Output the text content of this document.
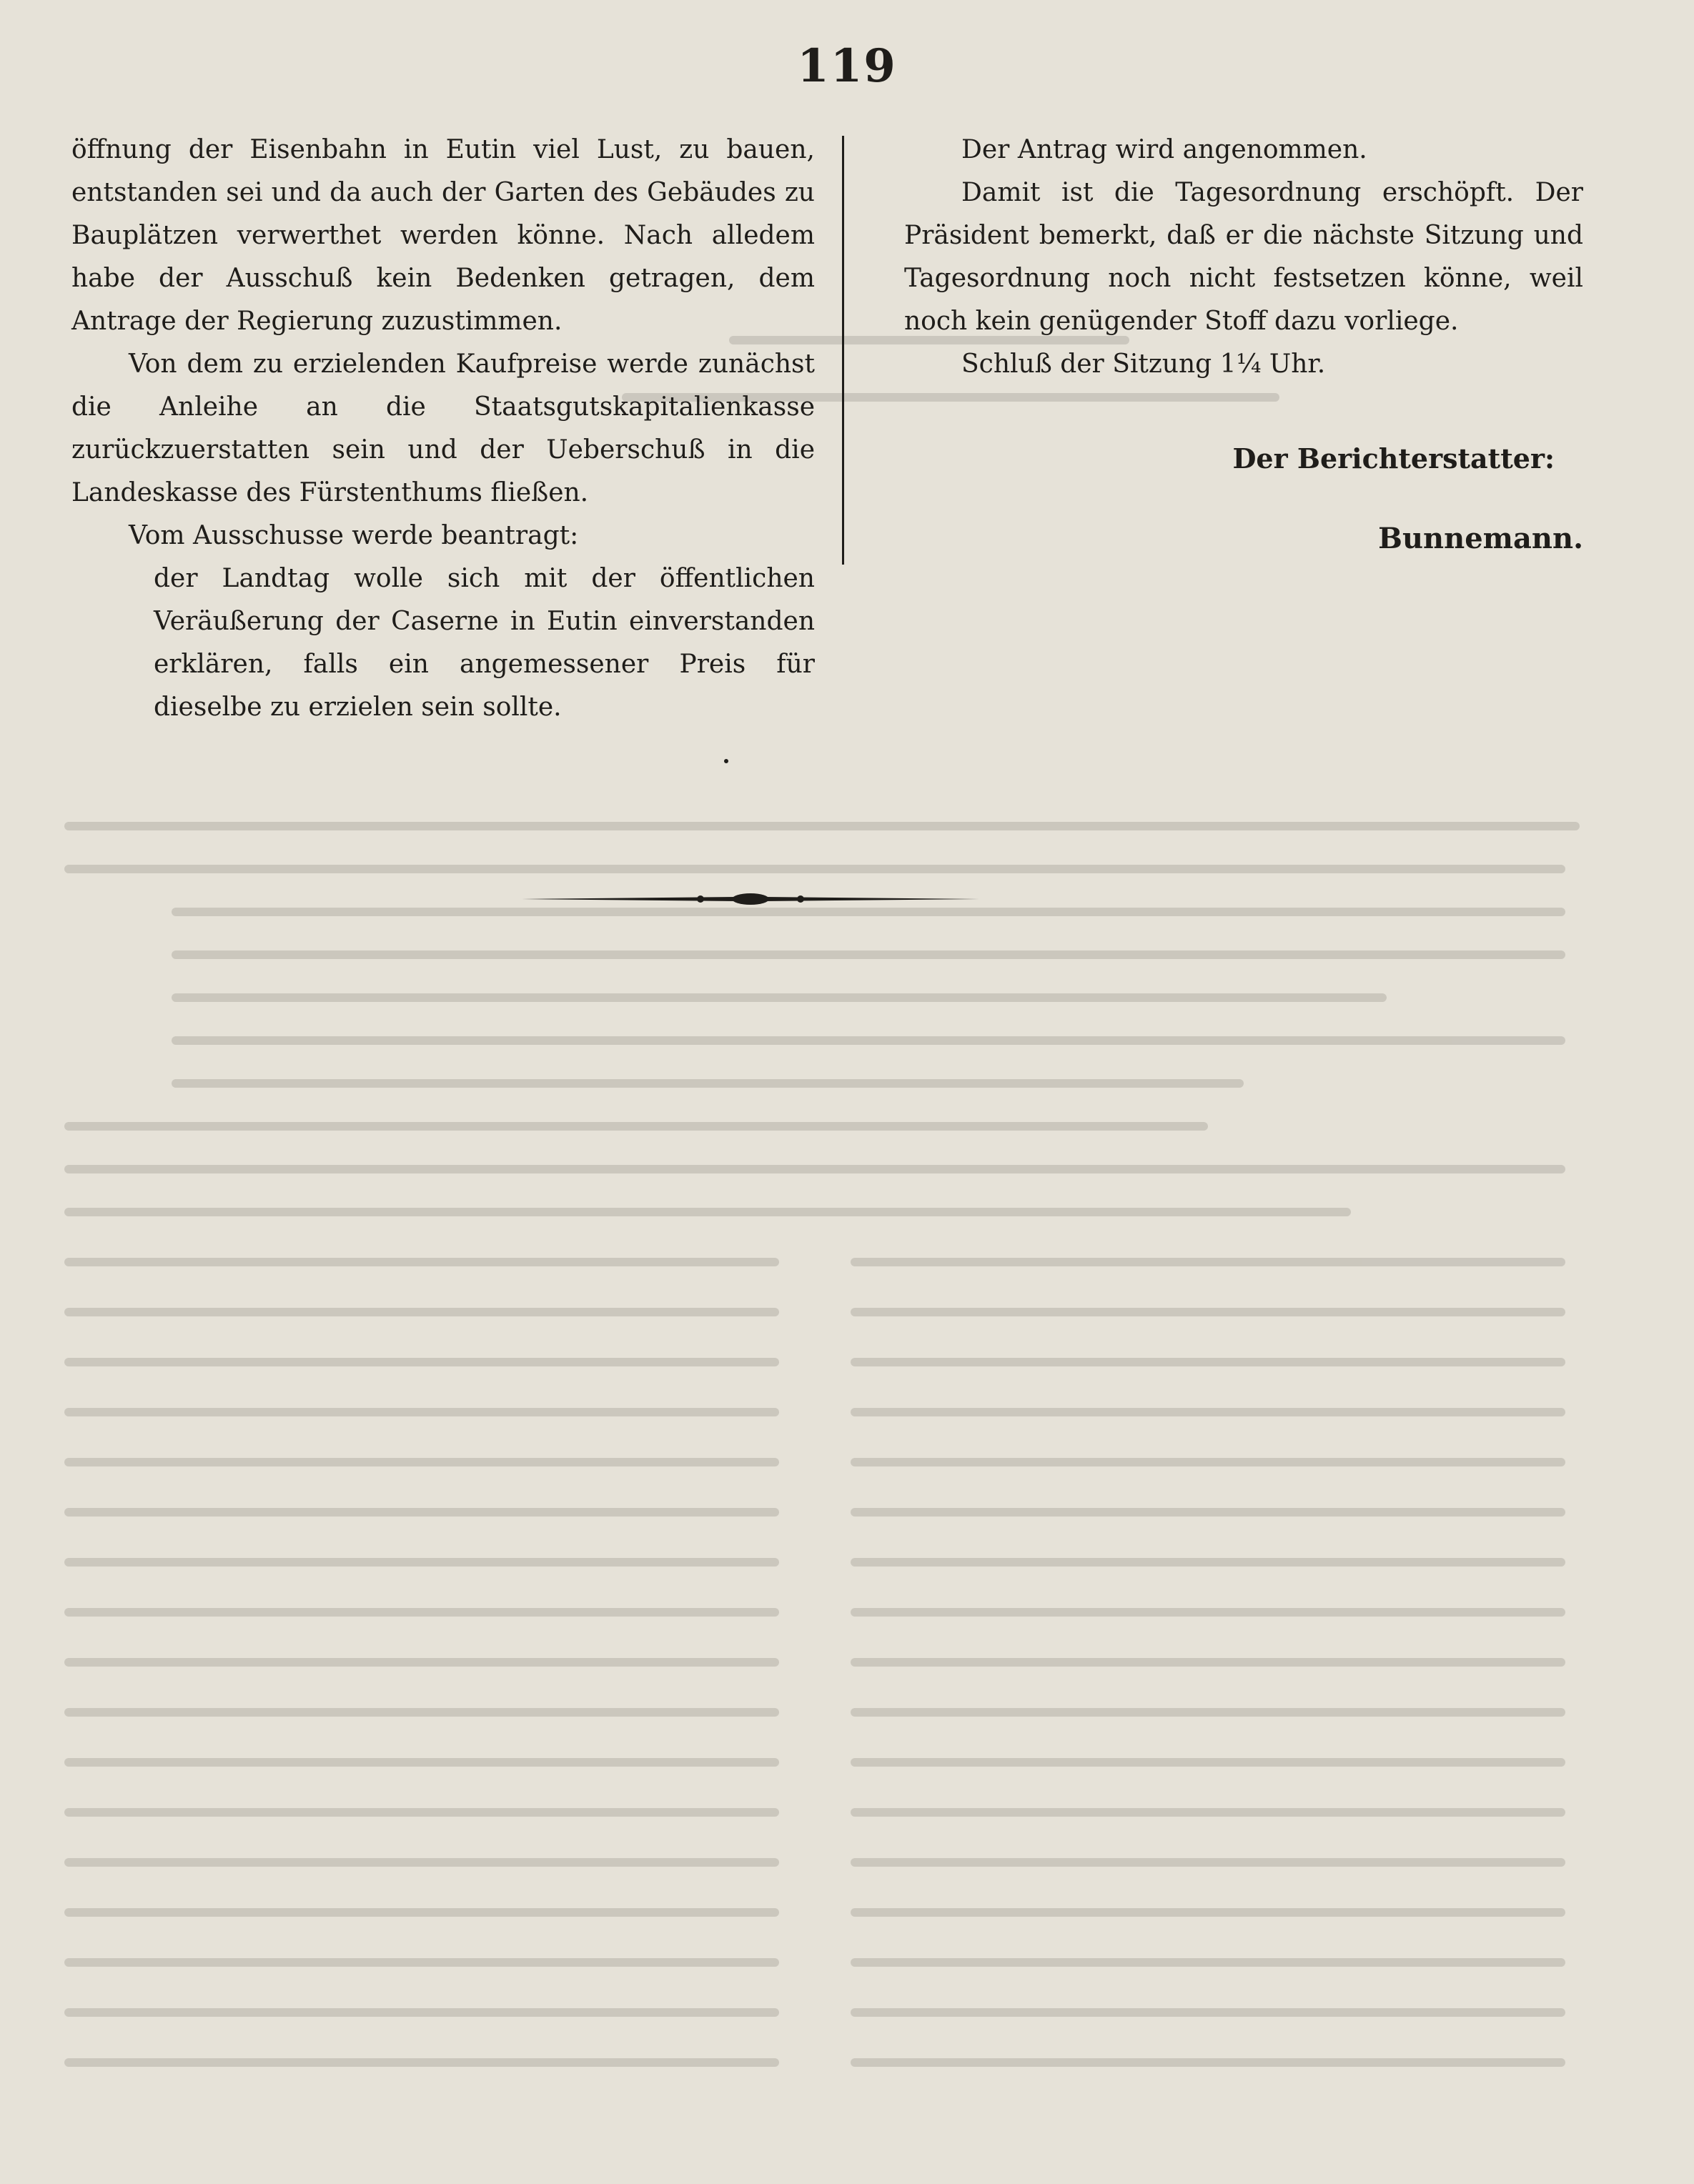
119

öffnung der Eisenbahn in Eutin viel Lust, zu bauen, entstanden sei und da auch der Garten des Gebäudes zu Bauplätzen verwerthet werden könne. Nach alledem habe der Ausschuß kein Bedenken getragen, dem Antrage der Regierung zuzustimmen.

Von dem zu erzielenden Kaufpreise werde zunächst die Anleihe an die Staatsgutskapitalienkasse zurückzuerstatten sein und der Ueberschuß in die Landeskasse des Fürstenthums fließen.

Vom Ausschusse werde beantragt:

der Landtag wolle sich mit der öffentlichen Veräußerung der Caserne in Eutin einverstanden erklären, falls ein angemessener Preis für dieselbe zu erzielen sein sollte.

Der Antrag wird angenommen.

Damit ist die Tagesordnung erschöpft. Der Präsident bemerkt, daß er die nächste Sitzung und Tagesordnung noch nicht festsetzen könne, weil noch kein genügender Stoff dazu vorliege.

Schluß der Sitzung 1¼ Uhr.

Der Berichterstatter:
Bunnemann.
